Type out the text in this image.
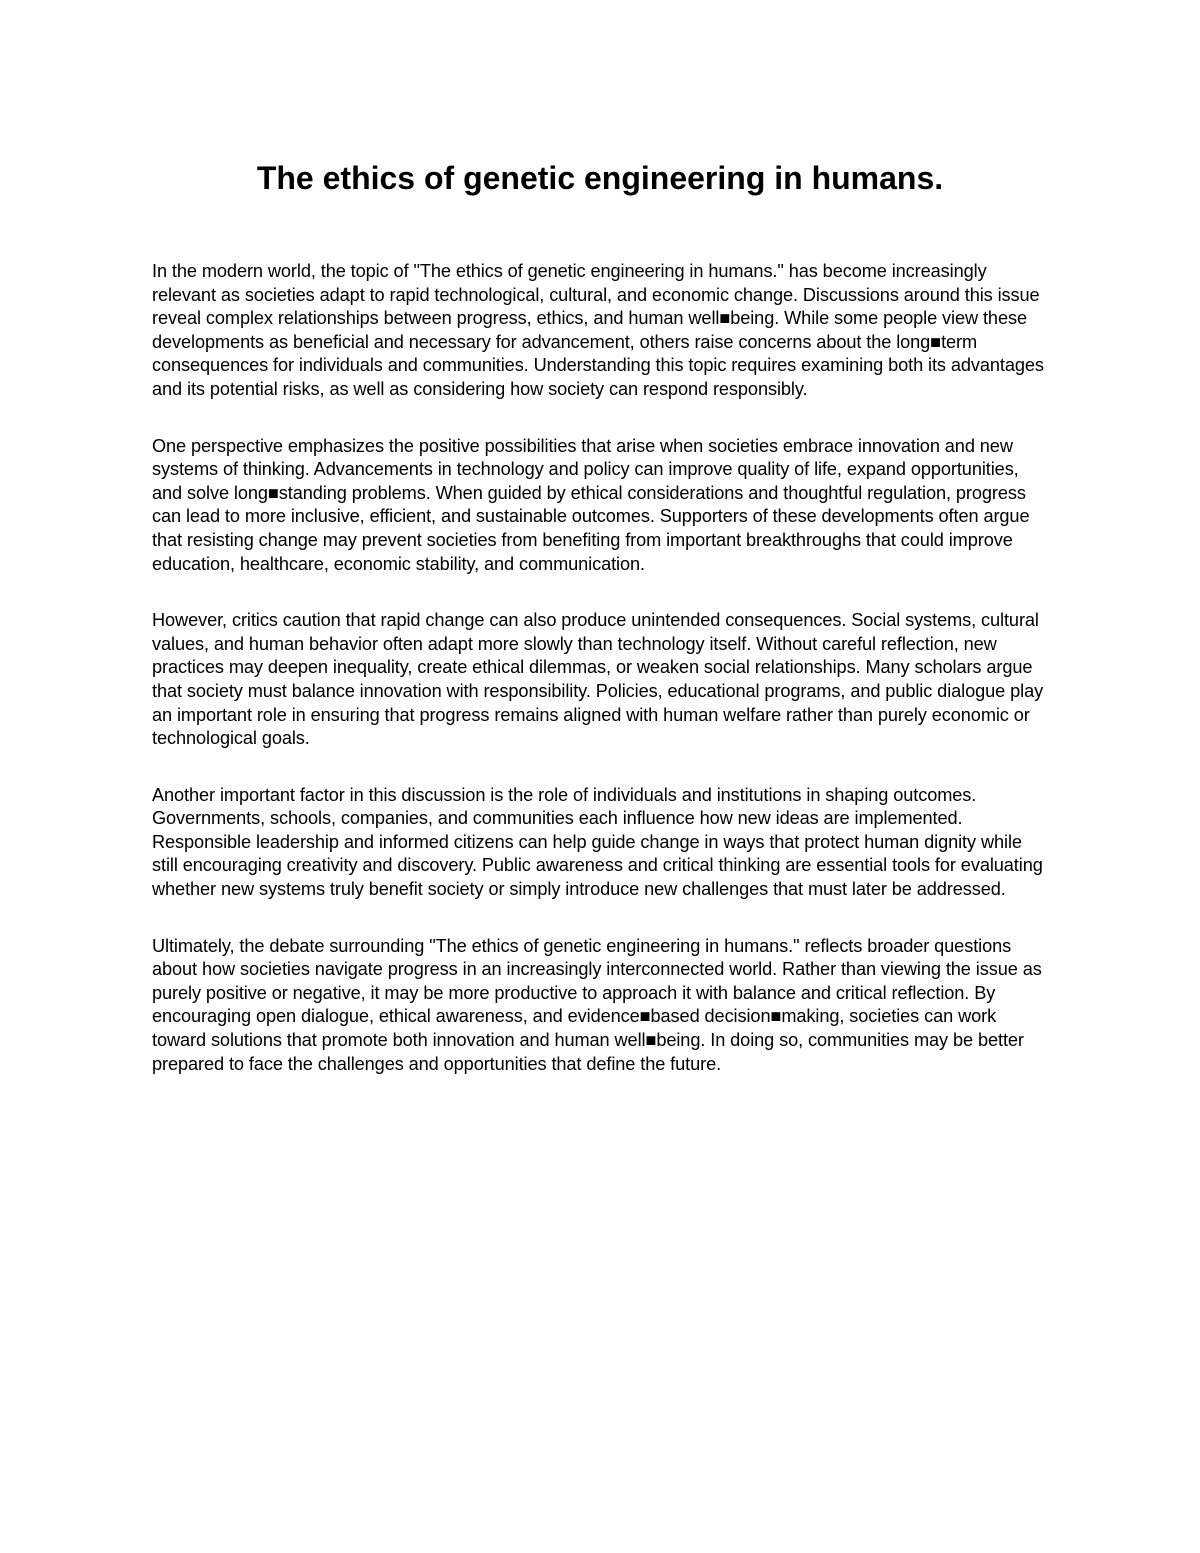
The ethics of genetic engineering in humans.

In the modern world, the topic of "The ethics of genetic engineering in humans." has become increasingly relevant as societies adapt to rapid technological, cultural, and economic change. Discussions around this issue reveal complex relationships between progress, ethics, and human well■being. While some people view these developments as beneficial and necessary for advancement, others raise concerns about the long■term consequences for individuals and communities. Understanding this topic requires examining both its advantages and its potential risks, as well as considering how society can respond responsibly.

One perspective emphasizes the positive possibilities that arise when societies embrace innovation and new systems of thinking. Advancements in technology and policy can improve quality of life, expand opportunities, and solve long■standing problems. When guided by ethical considerations and thoughtful regulation, progress can lead to more inclusive, efficient, and sustainable outcomes. Supporters of these developments often argue that resisting change may prevent societies from benefiting from important breakthroughs that could improve education, healthcare, economic stability, and communication.

However, critics caution that rapid change can also produce unintended consequences. Social systems, cultural values, and human behavior often adapt more slowly than technology itself. Without careful reflection, new practices may deepen inequality, create ethical dilemmas, or weaken social relationships. Many scholars argue that society must balance innovation with responsibility. Policies, educational programs, and public dialogue play an important role in ensuring that progress remains aligned with human welfare rather than purely economic or technological goals.

Another important factor in this discussion is the role of individuals and institutions in shaping outcomes. Governments, schools, companies, and communities each influence how new ideas are implemented. Responsible leadership and informed citizens can help guide change in ways that protect human dignity while still encouraging creativity and discovery. Public awareness and critical thinking are essential tools for evaluating whether new systems truly benefit society or simply introduce new challenges that must later be addressed.

Ultimately, the debate surrounding "The ethics of genetic engineering in humans." reflects broader questions about how societies navigate progress in an increasingly interconnected world. Rather than viewing the issue as purely positive or negative, it may be more productive to approach it with balance and critical reflection. By encouraging open dialogue, ethical awareness, and evidence■based decision■making, societies can work toward solutions that promote both innovation and human well■being. In doing so, communities may be better prepared to face the challenges and opportunities that define the future.
